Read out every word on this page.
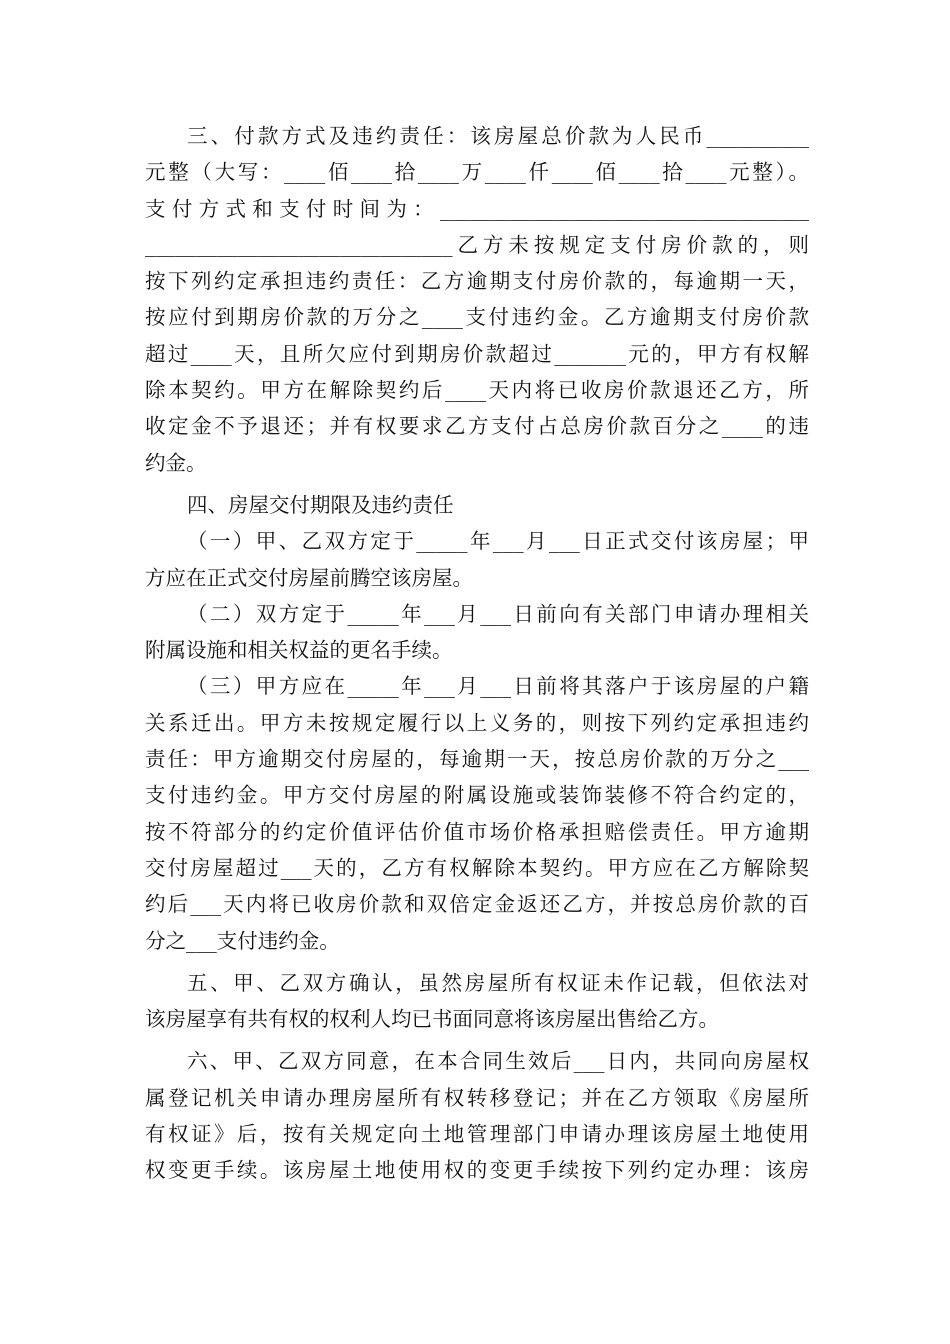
三、付款方式及违约责任：该房屋总价款为人民币__________
元整（大写：____佰____拾____万____仟____佰____拾____元整）。
支付方式和支付时间为：____________________________________
______________________________乙方未按规定支付房价款的，则
按下列约定承担违约责任：乙方逾期支付房价款的，每逾期一天，
按应付到期房价款的万分之____支付违约金。乙方逾期支付房价款
超过____天，且所欠应付到期房价款超过_______元的，甲方有权解
除本契约。甲方在解除契约后____天内将已收房价款退还乙方，所
收定金不予退还；并有权要求乙方支付占总房价款百分之____的违
约金。
四、房屋交付期限及违约责任
（一）甲、乙双方定于_____年___月___日正式交付该房屋；甲
方应在正式交付房屋前腾空该房屋。
（二）双方定于_____年___月___日前向有关部门申请办理相关
附属设施和相关权益的更名手续。
（三）甲方应在_____年___月___日前将其落户于该房屋的户籍
关系迁出。甲方未按规定履行以上义务的，则按下列约定承担违约
责任：甲方逾期交付房屋的，每逾期一天，按总房价款的万分之___
支付违约金。甲方交付房屋的附属设施或装饰装修不符合约定的，
按不符部分的约定价值评估价值市场价格承担赔偿责任。甲方逾期
交付房屋超过___天的，乙方有权解除本契约。甲方应在乙方解除契
约后___天内将已收房价款和双倍定金返还乙方，并按总房价款的百
分之___支付违约金。
五、甲、乙双方确认，虽然房屋所有权证未作记载，但依法对
该房屋享有共有权的权利人均已书面同意将该房屋出售给乙方。
六、甲、乙双方同意，在本合同生效后___日内，共同向房屋权
属登记机关申请办理房屋所有权转移登记；并在乙方领取《房屋所
有权证》后，按有关规定向土地管理部门申请办理该房屋土地使用
权变更手续。该房屋土地使用权的变更手续按下列约定办理：该房
